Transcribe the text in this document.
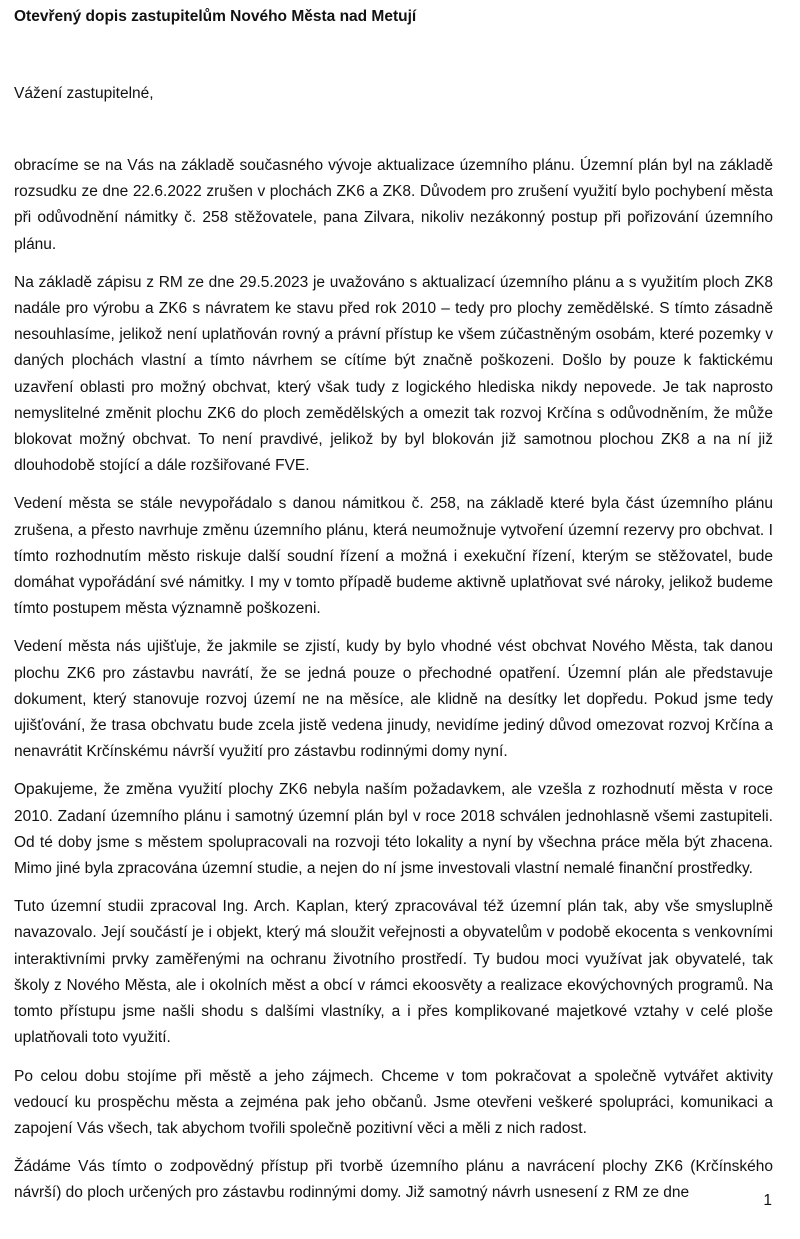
Otevřený dopis zastupitelům Nového Města nad Metují
Vážení zastupitelné,

obracíme se na Vás na základě současného vývoje aktualizace územního plánu. Územní plán byl na základě rozsudku ze dne 22.6.2022 zrušen v plochách ZK6 a ZK8. Důvodem pro zrušení využití bylo pochybení města při odůvodnění námitky č. 258 stěžovatele, pana Zilvara, nikoliv nezákonný postup při pořizování územního plánu.

Na základě zápisu z RM ze dne 29.5.2023 je uvažováno s aktualizací územního plánu a s využitím ploch ZK8 nadále pro výrobu a ZK6 s návratem ke stavu před rok 2010 – tedy pro plochy zemědělské. S tímto zásadně nesouhlasíme, jelikož není uplatňován rovný a právní přístup ke všem zúčastněným osobám, které pozemky v daných plochách vlastní a tímto návrhem se cítíme být značně poškozeni. Došlo by pouze k faktickému uzavření oblasti pro možný obchvat, který však tudy z logického hlediska nikdy nepovede. Je tak naprosto nemyslitelné změnit plochu ZK6 do ploch zemědělských a omezit tak rozvoj Krčína s odůvodněním, že může blokovat možný obchvat. To není pravdivé, jelikož by byl blokován již samotnou plochou ZK8 a na ní již dlouhodobě stojící a dále rozšiřované FVE.

Vedení města se stále nevypořádalo s danou námitkou č. 258, na základě které byla část územního plánu zrušena, a přesto navrhuje změnu územního plánu, která neumožnuje vytvoření územní rezervy pro obchvat. I tímto rozhodnutím město riskuje další soudní řízení a možná i exekuční řízení, kterým se stěžovatel, bude domáhat vypořádání své námitky. I my v tomto případě budeme aktivně uplatňovat své nároky, jelikož budeme tímto postupem města významně poškozeni.

Vedení města nás ujišťuje, že jakmile se zjistí, kudy by bylo vhodné vést obchvat Nového Města, tak danou plochu ZK6 pro zástavbu navrátí, že se jedná pouze o přechodné opatření. Územní plán ale představuje dokument, který stanovuje rozvoj území ne na měsíce, ale klidně na desítky let dopředu. Pokud jsme tedy ujišťování, že trasa obchvatu bude zcela jistě vedena jinudy, nevidíme jediný důvod omezovat rozvoj Krčína a nenavrátit Krčínskému návrší využití pro zástavbu rodinnými domy nyní.

Opakujeme, že změna využití plochy ZK6 nebyla naším požadavkem, ale vzešla z rozhodnutí města v roce 2010. Zadaní územního plánu i samotný územní plán byl v roce 2018 schválen jednohlasně všemi zastupiteli. Od té doby jsme s městem spolupracovali na rozvoji této lokality a nyní by všechna práce měla být zhacena. Mimo jiné byla zpracována územní studie, a nejen do ní jsme investovali vlastní nemalé finanční prostředky.

Tuto územní studii zpracoval Ing. Arch. Kaplan, který zpracovával též územní plán tak, aby vše smysluplně navazovalo. Její součástí je i objekt, který má sloužit veřejnosti a obyvatelům v podobě ekocenta s venkovními interaktivními prvky zaměřenými na ochranu životního prostředí. Ty budou moci využívat jak obyvatelé, tak školy z Nového Města, ale i okolních měst a obcí v rámci ekoosvěty a realizace ekovýchovných programů. Na tomto přístupu jsme našli shodu s dalšími vlastníky, a i přes komplikované majetkové vztahy v celé ploše uplatňovali toto využití.

Po celou dobu stojíme při městě a jeho zájmech. Chceme v tom pokračovat a společně vytvářet aktivity vedoucí ku prospěchu města a zejména pak jeho občanů. Jsme otevřeni veškeré spolupráci, komunikaci a zapojení Vás všech, tak abychom tvořili společně pozitivní věci a měli z nich radost.

Žádáme Vás tímto o zodpovědný přístup při tvorbě územního plánu a navrácení plochy ZK6 (Krčínského návrší) do ploch určených pro zástavbu rodinnými domy. Již samotný návrh usnesení z RM ze dne	1
